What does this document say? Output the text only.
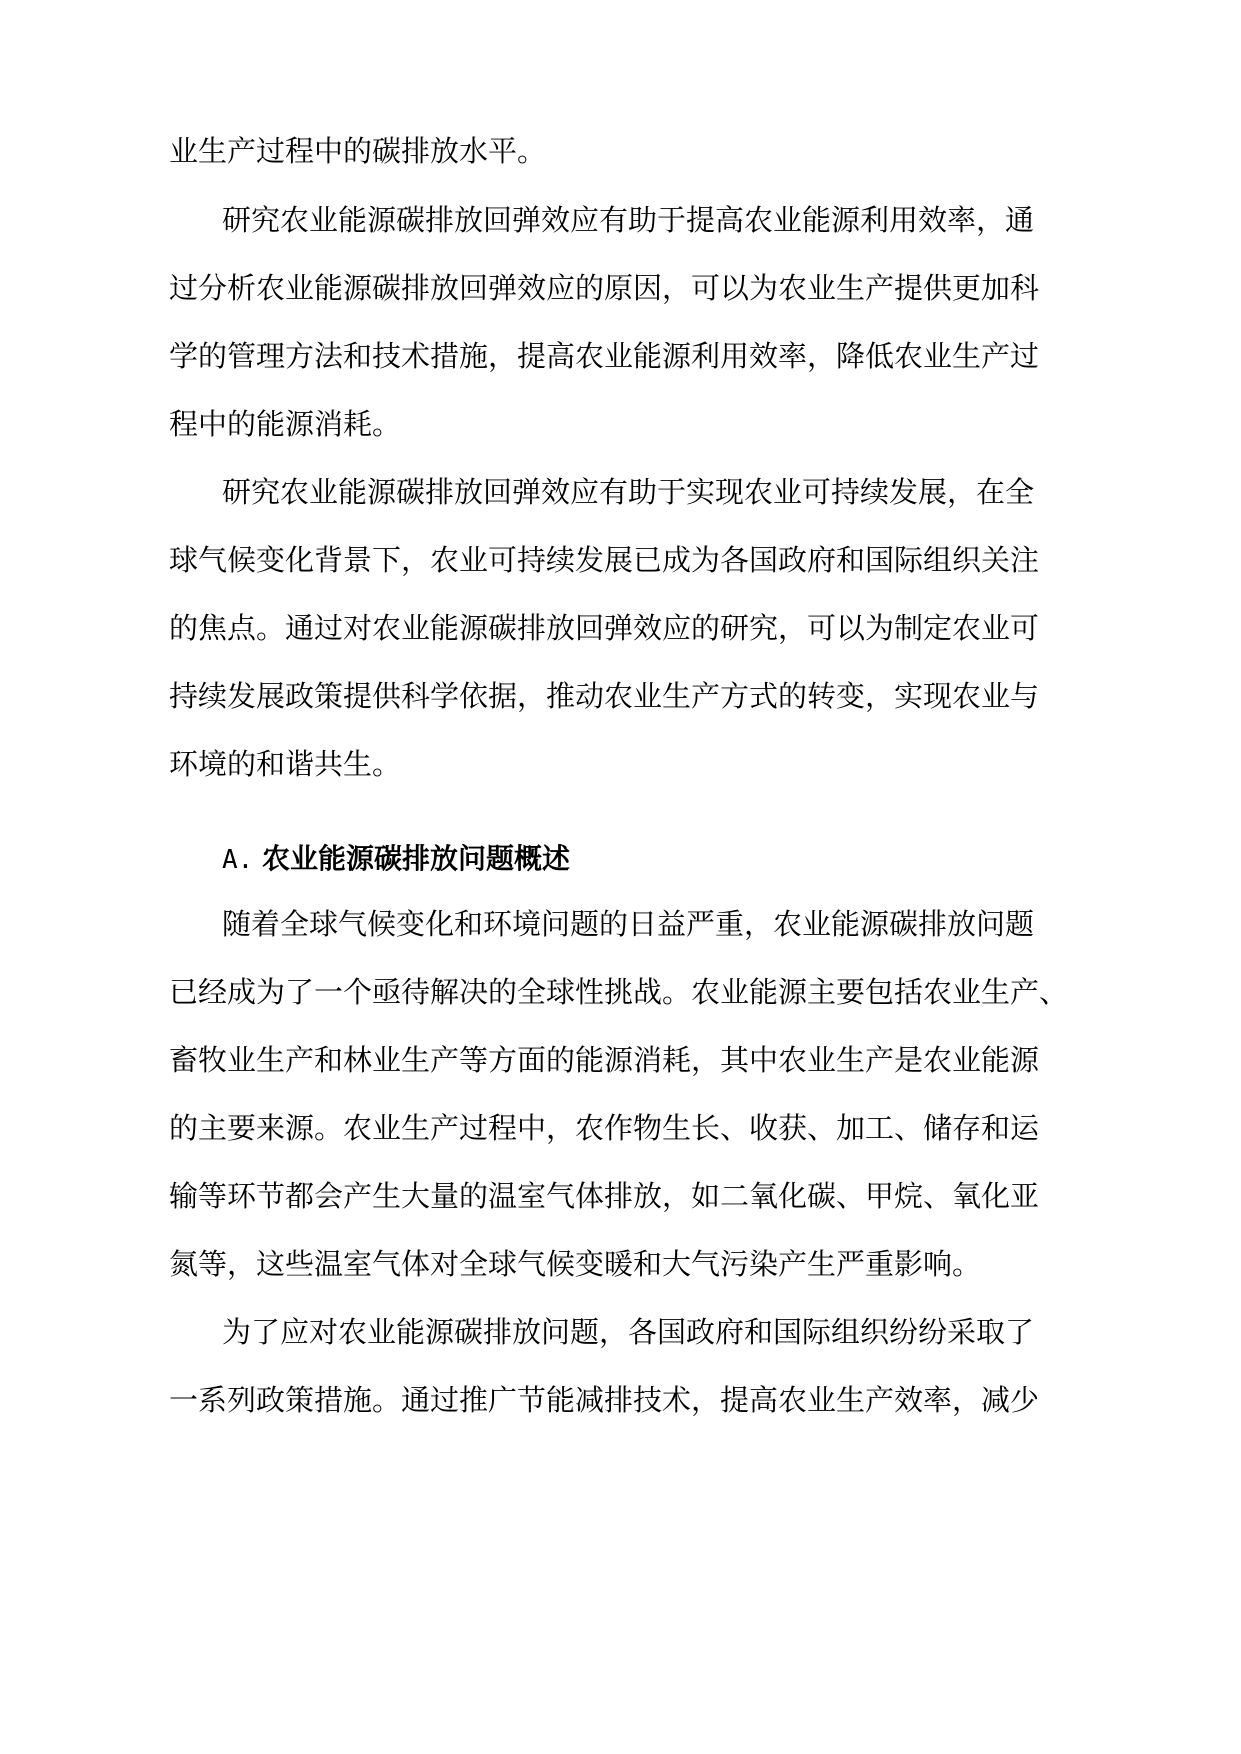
业生产过程中的碳排放水平。
研究农业能源碳排放回弹效应有助于提高农业能源利用效率，通
过分析农业能源碳排放回弹效应的原因，可以为农业生产提供更加科
学的管理方法和技术措施，提高农业能源利用效率，降低农业生产过
程中的能源消耗。
研究农业能源碳排放回弹效应有助于实现农业可持续发展，在全
球气候变化背景下，农业可持续发展已成为各国政府和国际组织关注
的焦点。通过对农业能源碳排放回弹效应的研究，可以为制定农业可
持续发展政策提供科学依据，推动农业生产方式的转变，实现农业与
环境的和谐共生。
A. 农业能源碳排放问题概述
随着全球气候变化和环境问题的日益严重，农业能源碳排放问题
已经成为了一个亟待解决的全球性挑战。农业能源主要包括农业生产、
畜牧业生产和林业生产等方面的能源消耗，其中农业生产是农业能源
的主要来源。农业生产过程中，农作物生长、收获、加工、储存和运
输等环节都会产生大量的温室气体排放，如二氧化碳、甲烷、氧化亚
氮等，这些温室气体对全球气候变暖和大气污染产生严重影响。
为了应对农业能源碳排放问题，各国政府和国际组织纷纷采取了
一系列政策措施。通过推广节能减排技术，提高农业生产效率，减少
